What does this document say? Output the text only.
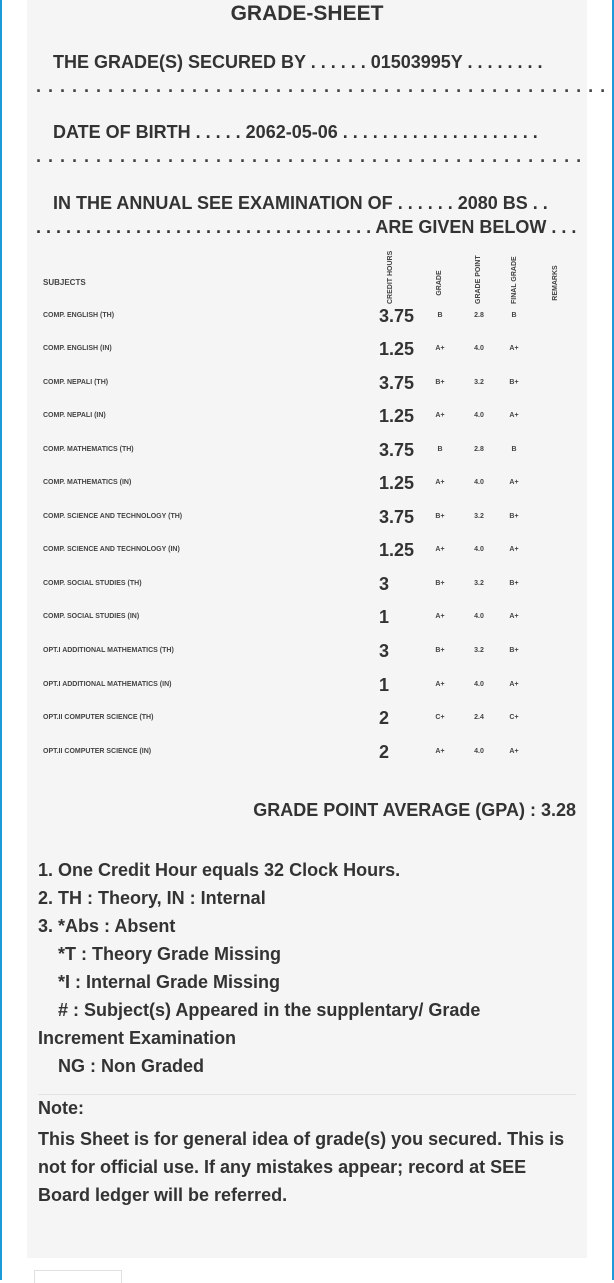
GRADE-SHEET
THE GRADE(S) SECURED BY . . . . . . 01503995Y . . . . . . . .
. . . . . . . . . . . . . . . . . . . . . . . . . . . . . . . . . . . . . . . . . . . . . . . .
DATE OF BIRTH . . . . . 2062-05-06 . . . . . . . . . . . . . . . . . . . .
. . . . . . . . . . . . . . . . . . . . . . . . . . . . . . . . . . . . . . . . . . . . . .
IN THE ANNUAL SEE EXAMINATION OF . . . . . . 2080 BS . .
. . . . . . . . . . . . . . . . . . . . . . . . . . . . . . . . . . ARE GIVEN BELOW . . .
SUBJECTS	CREDIT HOURS	GRADE	GRADE POINT	FINAL GRADE	REMARKS
COMP. ENGLISH (TH)	3.75	B	2.8	B
COMP. ENGLISH (IN)	1.25	A+	4.0	A+
COMP. NEPALI (TH)	3.75	B+	3.2	B+
COMP. NEPALI (IN)	1.25	A+	4.0	A+
COMP. MATHEMATICS (TH)	3.75	B	2.8	B
COMP. MATHEMATICS (IN)	1.25	A+	4.0	A+
COMP. SCIENCE AND TECHNOLOGY (TH)	3.75	B+	3.2	B+
COMP. SCIENCE AND TECHNOLOGY (IN)	1.25	A+	4.0	A+
COMP. SOCIAL STUDIES (TH)	3	B+	3.2	B+
COMP. SOCIAL STUDIES (IN)	1	A+	4.0	A+
OPT.I ADDITIONAL MATHEMATICS (TH)	3	B+	3.2	B+
OPT.I ADDITIONAL MATHEMATICS (IN)	1	A+	4.0	A+
OPT.II COMPUTER SCIENCE (TH)	2	C+	2.4	C+
OPT.II COMPUTER SCIENCE (IN)	2	A+	4.0	A+
GRADE POINT AVERAGE (GPA) : 3.28
1. One Credit Hour equals 32 Clock Hours.
2. TH : Theory, IN : Internal
3. *Abs : Absent
*T : Theory Grade Missing
*I : Internal Grade Missing
# : Subject(s) Appeared in the supplentary/ Grade
Increment Examination
NG : Non Graded
Note:
This Sheet is for general idea of grade(s) you secured. This is not for official use. If any mistakes appear; record at SEE Board ledger will be referred.
